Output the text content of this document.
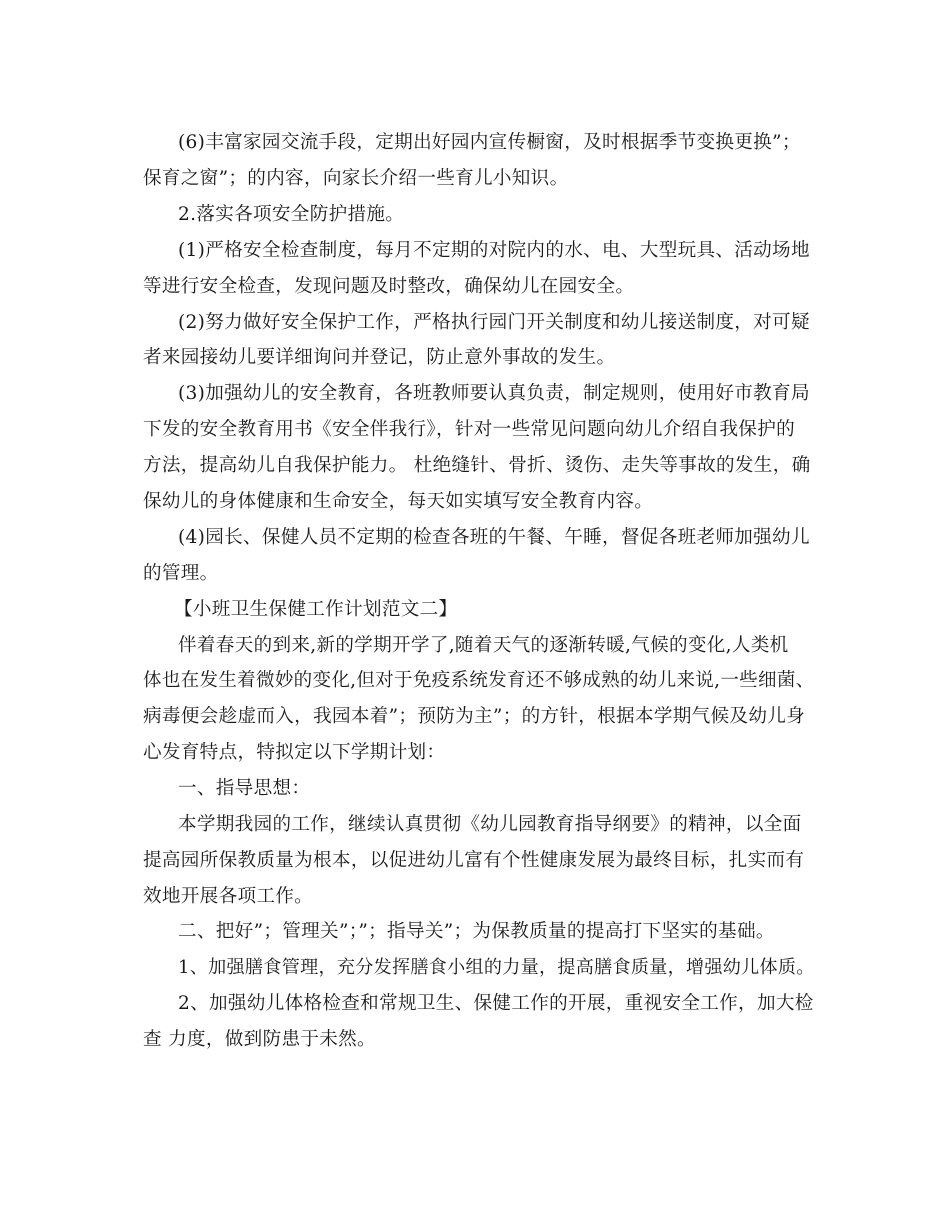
(6)丰富家园交流手段，定期出好园内宣传橱窗，及时根据季节变换更换”；

保育之窗”；的内容，向家长介绍一些育儿小知识。

2.落实各项安全防护措施。

(1)严格安全检查制度，每月不定期的对院内的水、电、大型玩具、活动场地

等进行安全检查，发现问题及时整改，确保幼儿在园安全。

(2)努力做好安全保护工作，严格执行园门开关制度和幼儿接送制度，对可疑

者来园接幼儿要详细询问并登记，防止意外事故的发生。

(3)加强幼儿的安全教育，各班教师要认真负责，制定规则，使用好市教育局

下发的安全教育用书《安全伴我行》，针对一些常见问题向幼儿介绍自我保护的

方法，提高幼儿自我保护能力。 杜绝缝针、骨折、烫伤、走失等事故的发生，确

保幼儿的身体健康和生命安全，每天如实填写安全教育内容。

(4)园长、保健人员不定期的检查各班的午餐、午睡，督促各班老师加强幼儿

的管理。

【小班卫生保健工作计划范文二】

伴着春天的到来,新的学期开学了,随着天气的逐渐转暖,气候的变化,人类机

体也在发生着微妙的变化,但对于免疫系统发育还不够成熟的幼儿来说,一些细菌、

病毒便会趁虚而入，我园本着”；预防为主”；的方针，根据本学期气候及幼儿身

心发育特点，特拟定以下学期计划：

一、指导思想：

本学期我园的工作，继续认真贯彻《幼儿园教育指导纲要》的精神，以全面

提高园所保教质量为根本，以促进幼儿富有个性健康发展为最终目标，扎实而有

效地开展各项工作。

二、把好”；管理关”；”；指导关”；为保教质量的提高打下坚实的基础。

1、加强膳食管理，充分发挥膳食小组的力量，提高膳食质量，增强幼儿体质。

2、加强幼儿体格检查和常规卫生、保健工作的开展，重视安全工作，加大检

查 力度，做到防患于未然。
